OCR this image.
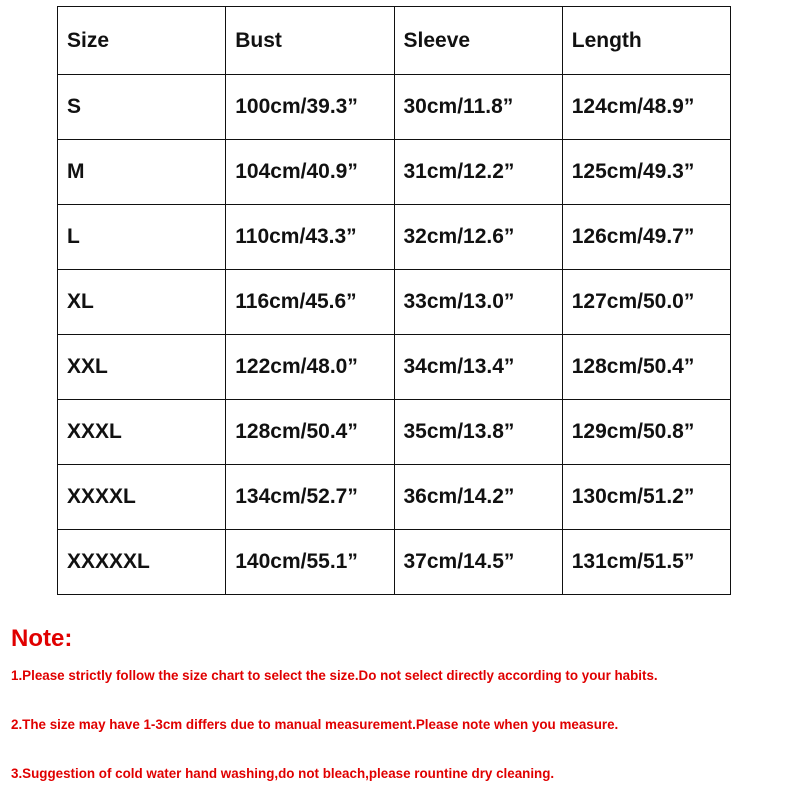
Size	Bust	Sleeve	Length
S	100cm/39.3”	30cm/11.8”	124cm/48.9”
M	104cm/40.9”	31cm/12.2”	125cm/49.3”
L	110cm/43.3”	32cm/12.6”	126cm/49.7”
XL	116cm/45.6”	33cm/13.0”	127cm/50.0”
XXL	122cm/48.0”	34cm/13.4”	128cm/50.4”
XXXL	128cm/50.4”	35cm/13.8”	129cm/50.8”
XXXXL	134cm/52.7”	36cm/14.2”	130cm/51.2”
XXXXXL	140cm/55.1”	37cm/14.5”	131cm/51.5”

Note:

1.Please strictly follow the size chart to select the size.Do not select directly according to your habits.

2.The size may have 1-3cm differs due to manual measurement.Please note when you measure.

3.Suggestion of cold water hand washing,do not bleach,please rountine dry cleaning.
